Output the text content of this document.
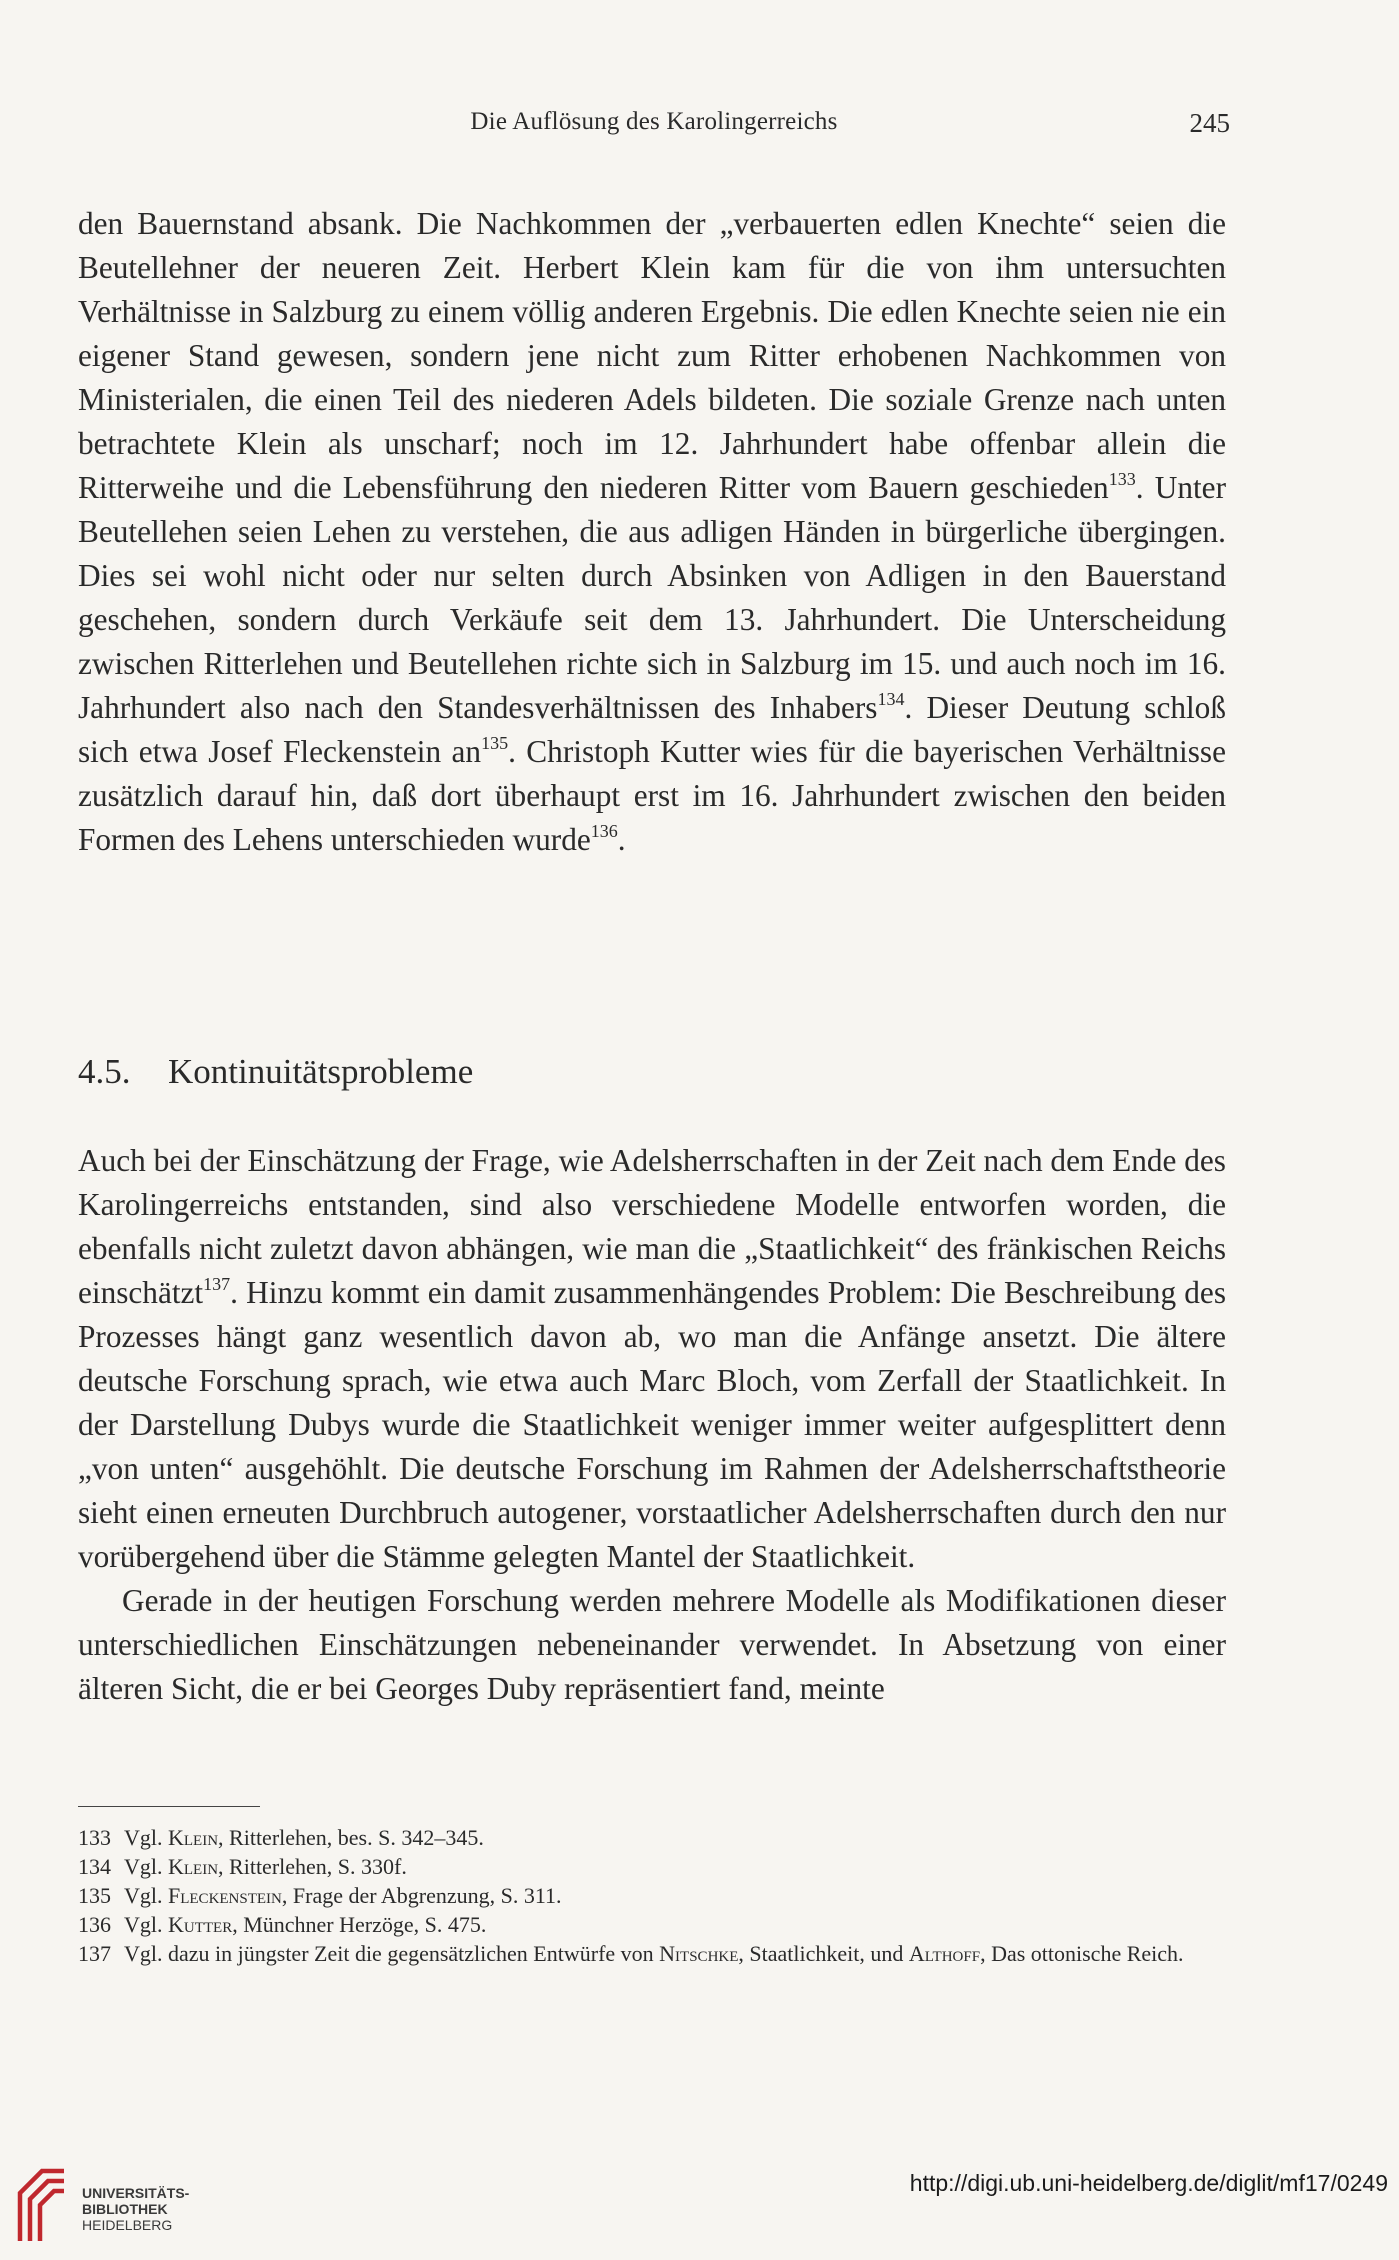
Die Auflösung des Karolingerreichs	245

den Bauernstand absank. Die Nachkommen der „verbauerten edlen Knechte“ seien die Beutellehner der neueren Zeit. Herbert Klein kam für die von ihm untersuchten Verhältnisse in Salzburg zu einem völlig anderen Ergebnis. Die edlen Knechte seien nie ein eigener Stand gewesen, sondern jene nicht zum Ritter erhobenen Nachkommen von Ministerialen, die einen Teil des niederen Adels bildeten. Die soziale Grenze nach unten betrachtete Klein als unscharf; noch im 12. Jahrhundert habe offenbar allein die Ritterweihe und die Lebensführung den niederen Ritter vom Bauern geschieden$^{133}$. Unter Beutellehen seien Lehen zu verstehen, die aus adligen Händen in bürgerliche übergingen. Dies sei wohl nicht oder nur selten durch Absinken von Adligen in den Bauerstand geschehen, sondern durch Verkäufe seit dem 13. Jahrhundert. Die Unterscheidung zwischen Ritterlehen und Beutellehen richte sich in Salzburg im 15. und auch noch im 16. Jahrhundert also nach den Standesverhältnissen des Inhabers$^{134}$. Dieser Deutung schloß sich etwa Josef Fleckenstein $an^{135}$. Christoph Kutter wies für die bayerischen Verhältnisse zusätzlich darauf hin, daß dort überhaupt erst im 16. Jahrhundert zwischen den beiden Formen des Lehens unterschieden wurde$^{136}$.

4.5. Kontinuitätsprobleme

Auch bei der Einschätzung der Frage, wie Adelsherrschaften in der Zeit nach dem Ende des Karolingerreichs entstanden, sind also verschiedene Modelle entworfen worden, die ebenfalls nicht zuletzt davon abhängen, wie man die „Staatlichkeit“ des fränkischen Reichs einschätzt$^{137}$. Hinzu kommt ein damit zusammenhängendes Problem: Die Beschreibung des Prozesses hängt ganz wesentlich davon ab, wo man die Anfänge ansetzt. Die ältere deutsche Forschung sprach, wie etwa auch Marc Bloch, vom Zerfall der Staatlichkeit. In der Darstellung Dubys wurde die Staatlichkeit weniger immer weiter aufgesplittert denn „von unten“ ausgehöhlt. Die deutsche Forschung im Rahmen der Adelsherrschaftstheorie sieht einen erneuten Durchbruch autogener, vorstaatlicher Adelsherrschaften durch den nur vorübergehend über die Stämme gelegten Mantel der Staatlichkeit.

Gerade in der heutigen Forschung werden mehrere Modelle als Modifikationen dieser unterschiedlichen Einschätzungen nebeneinander verwendet. In Absetzung von einer älteren Sicht, die er bei Georges Duby repräsentiert fand, meinte

133 Vgl. Klein, Ritterlehen, bes. S. 342–345.
134 Vgl. Klein, Ritterlehen, S. 330f.
135 Vgl. Fleckenstein, Frage der Abgrenzung, S. 311.
136 Vgl. Kutter, Münchner Herzöge, S. 475.
137 Vgl. dazu in jüngster Zeit die gegensätzlichen Entwürfe von Nitschke, Staatlichkeit, und Althoff, Das ottonische Reich.
UNIVERSITÄTS-
BIBLIOTHEK
HEIDELBERG
http://digi.ub.uni-heidelberg.de/diglit/mf17/0249
